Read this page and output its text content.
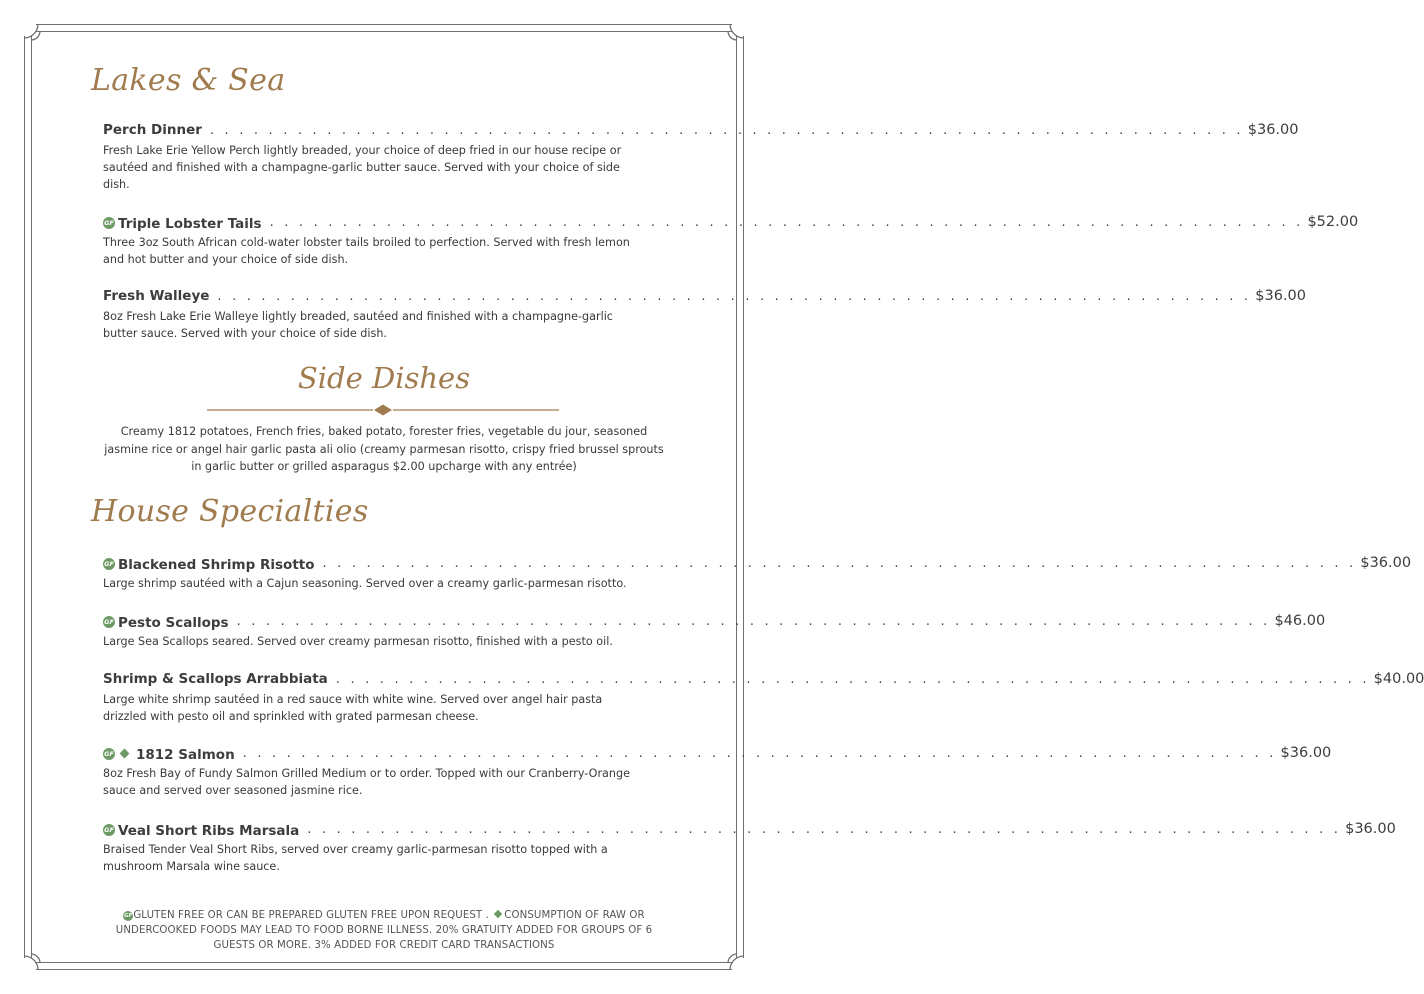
Lakes & Sea
Perch Dinner . . . . . . . . . . . . . . . . . . . . . . . . . . . . . . . . . . . . . . . . . . . . . . . . . . . . . . . . . . . . . . . . . . . . . . . $36.00
Fresh Lake Erie Yellow Perch lightly breaded, your choice of deep fried in our house recipe or sautéed and finished with a champagne-garlic butter sauce. Served with your choice of side dish.
GF Triple Lobster Tails . . . . . . . . . . . . . . . . . . . . . . . . . . . . . . . . . . . . . . . . . . . . . . . . . . . . . . . . . . . . . . . . . . . . . . . $52.00
Three 3oz South African cold-water lobster tails broiled to perfection. Served with fresh lemon and hot butter and your choice of side dish.
Fresh Walleye . . . . . . . . . . . . . . . . . . . . . . . . . . . . . . . . . . . . . . . . . . . . . . . . . . . . . . . . . . . . . . . . . . . . . . . $36.00
8oz Fresh Lake Erie Walleye lightly breaded, sautéed and finished with a champagne-garlic butter sauce. Served with your choice of side dish.
Side Dishes
Creamy 1812 potatoes, French fries, baked potato, forester fries, vegetable du jour, seasoned jasmine rice or angel hair garlic pasta ali olio (creamy parmesan risotto, crispy fried brussel sprouts in garlic butter or grilled asparagus $2.00 upcharge with any entrée)
House Specialties
GF Blackened Shrimp Risotto . . . . . . . . . . . . . . . . . . . . . . . . . . . . . . . . . . . . . . . . . . . . . . . . . . . . . . . . . . . . . . . . . . . . . . . $36.00
Large shrimp sautéed with a Cajun seasoning. Served over a creamy garlic-parmesan risotto.
GF Pesto Scallops . . . . . . . . . . . . . . . . . . . . . . . . . . . . . . . . . . . . . . . . . . . . . . . . . . . . . . . . . . . . . . . . . . . . . . . $46.00
Large Sea Scallops seared. Served over creamy parmesan risotto, finished with a pesto oil.
Shrimp & Scallops Arrabbiata . . . . . . . . . . . . . . . . . . . . . . . . . . . . . . . . . . . . . . . . . . . . . . . . . . . . . . . . . . . . . . . . . . . . . . . $40.00
Large white shrimp sautéed in a red sauce with white wine. Served over angel hair pasta drizzled with pesto oil and sprinkled with grated parmesan cheese.
GF 1812 Salmon . . . . . . . . . . . . . . . . . . . . . . . . . . . . . . . . . . . . . . . . . . . . . . . . . . . . . . . . . . . . . . . . . . . . . . . $36.00
8oz Fresh Bay of Fundy Salmon Grilled Medium or to order. Topped with our Cranberry-Orange sauce and served over seasoned jasmine rice.
GF Veal Short Ribs Marsala . . . . . . . . . . . . . . . . . . . . . . . . . . . . . . . . . . . . . . . . . . . . . . . . . . . . . . . . . . . . . . . . . . . . . . . $36.00
Braised Tender Veal Short Ribs, served over creamy garlic-parmesan risotto topped with a mushroom Marsala wine sauce.
GFGLUTEN FREE OR CAN BE PREPARED GLUTEN FREE UPON REQUEST . CONSUMPTION OF RAW OR UNDERCOOKED FOODS MAY LEAD TO FOOD BORNE ILLNESS. 20% GRATUITY ADDED FOR GROUPS OF 6 GUESTS OR MORE. 3% ADDED FOR CREDIT CARD TRANSACTIONS
